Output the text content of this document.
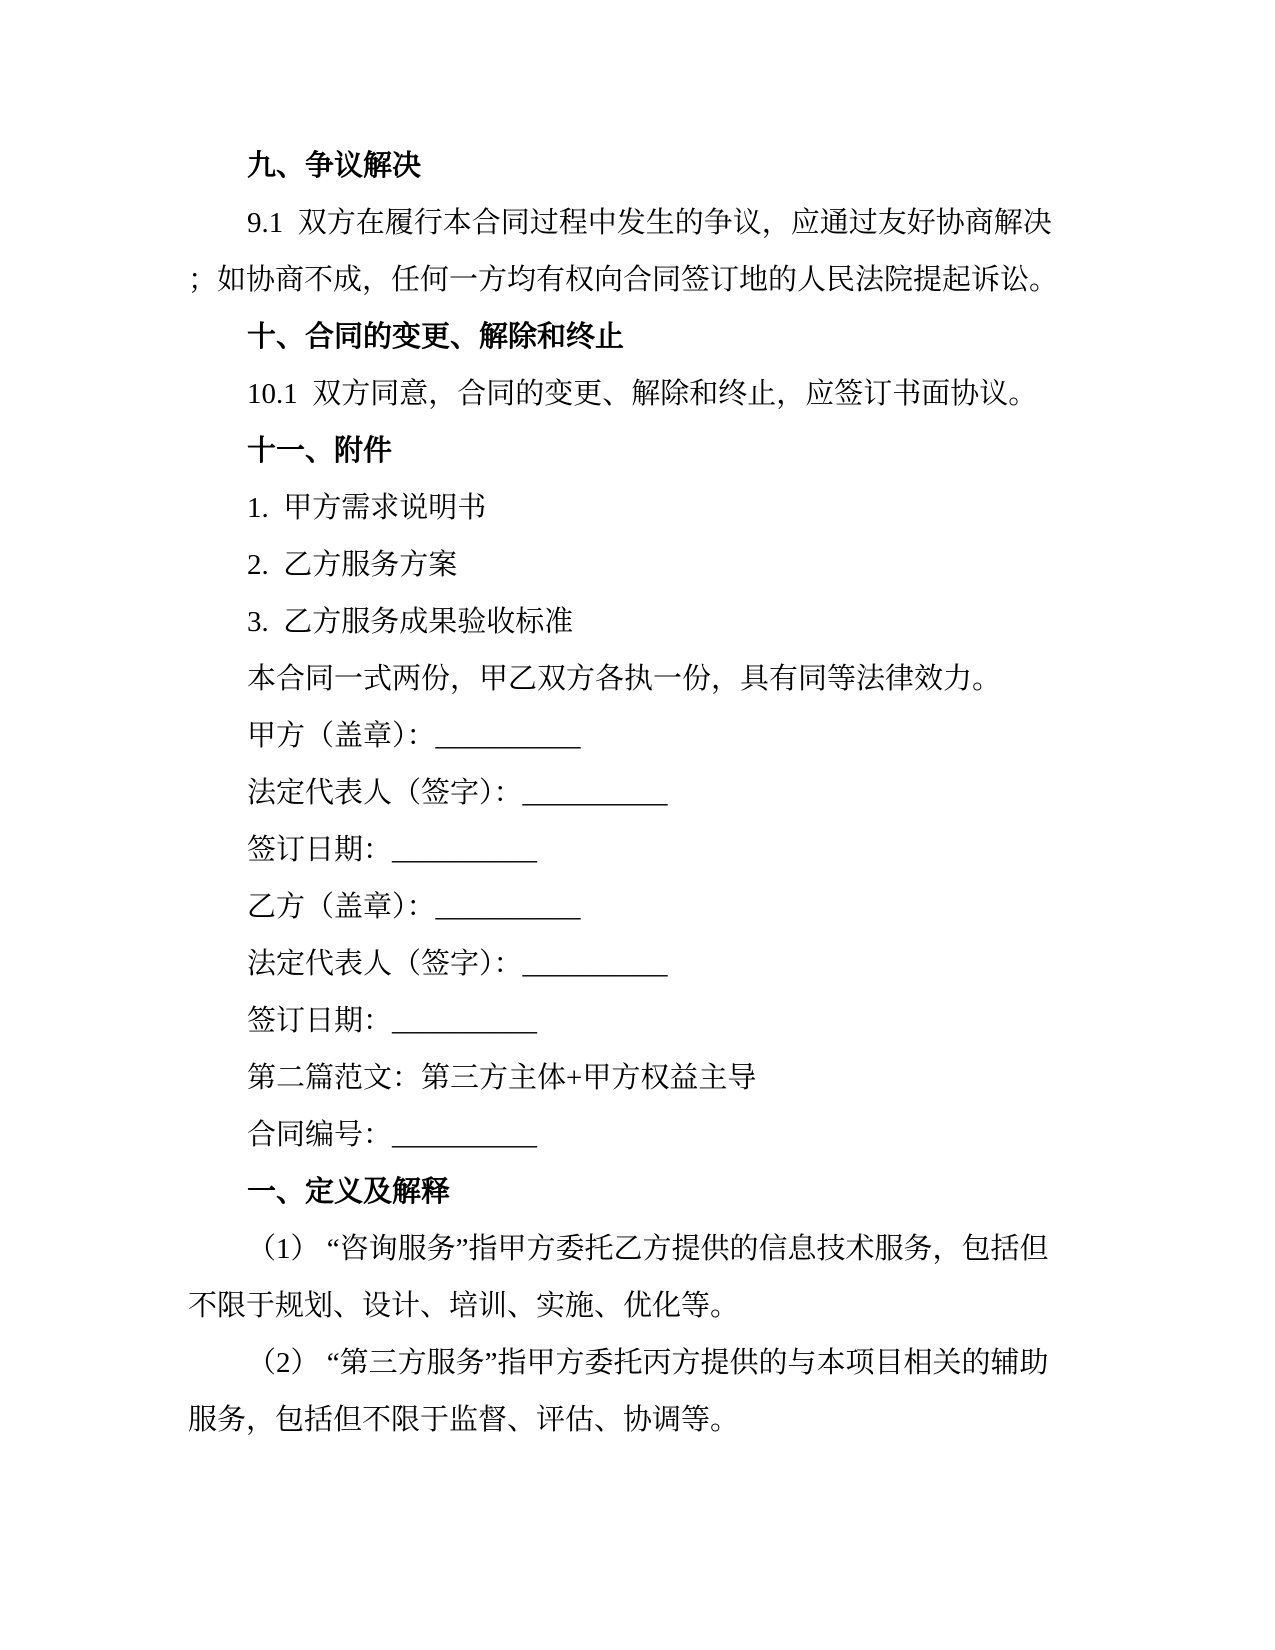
九、争议解决
9.1  双方在履行本合同过程中发生的争议，应通过友好协商解决
；如协商不成，任何一方均有权向合同签订地的人民法院提起诉讼。
十、合同的变更、解除和终止
10.1  双方同意，合同的变更、解除和终止，应签订书面协议。
十一、附件
1.  甲方需求说明书
2.  乙方服务方案
3.  乙方服务成果验收标准
本合同一式两份，甲乙双方各执一份，具有同等法律效力。
甲方（盖章）：__________
法定代表人（签字）：__________
签订日期：__________
乙方（盖章）：__________
法定代表人（签字）：__________
签订日期：__________
第二篇范文：第三方主体+甲方权益主导
合同编号：__________
一、定义及解释
（1） “咨询服务”指甲方委托乙方提供的信息技术服务，包括但
不限于规划、设计、培训、实施、优化等。
（2） “第三方服务”指甲方委托丙方提供的与本项目相关的辅助
服务，包括但不限于监督、评估、协调等。
